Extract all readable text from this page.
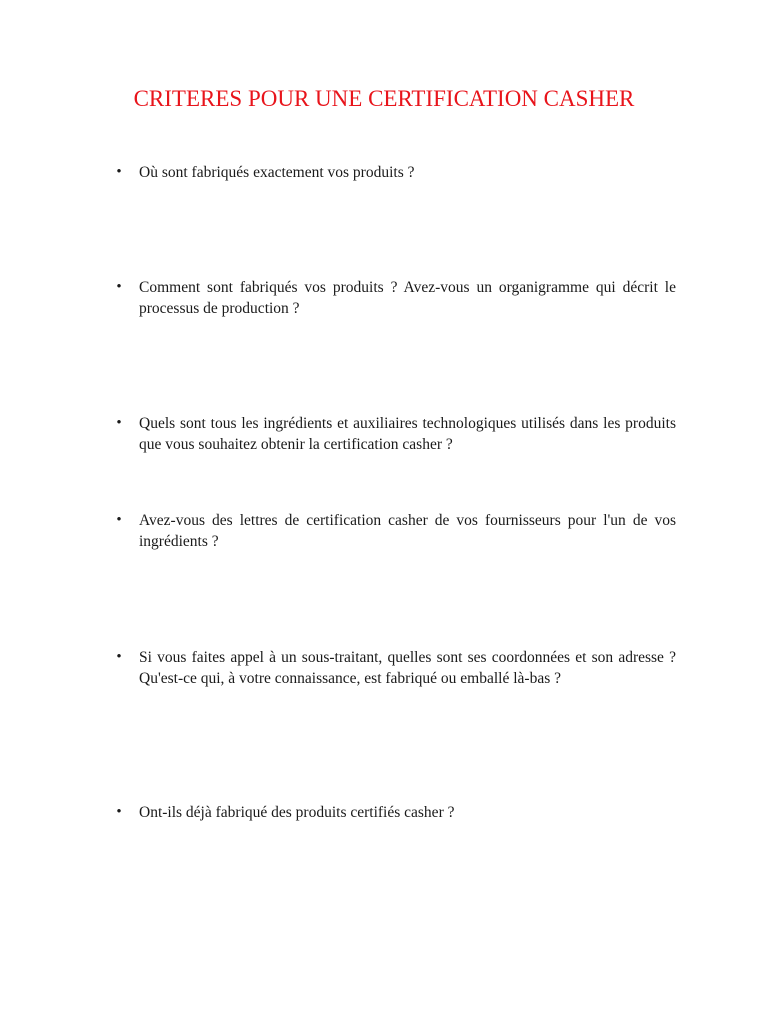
CRITERES POUR UNE CERTIFICATION CASHER
• Où sont fabriqués exactement vos produits ?
• Comment sont fabriqués vos produits ? Avez-vous un organigramme qui décrit le processus de production ?
• Quels sont tous les ingrédients et auxiliaires technologiques utilisés dans les produits que vous souhaitez obtenir la certification casher ?
• Avez-vous des lettres de certification casher de vos fournisseurs pour l'un de vos ingrédients ?
• Si vous faites appel à un sous-traitant, quelles sont ses coordonnées et son adresse ? Qu'est-ce qui, à votre connaissance, est fabriqué ou emballé là-bas ?
• Ont-ils déjà fabriqué des produits certifiés casher ?
